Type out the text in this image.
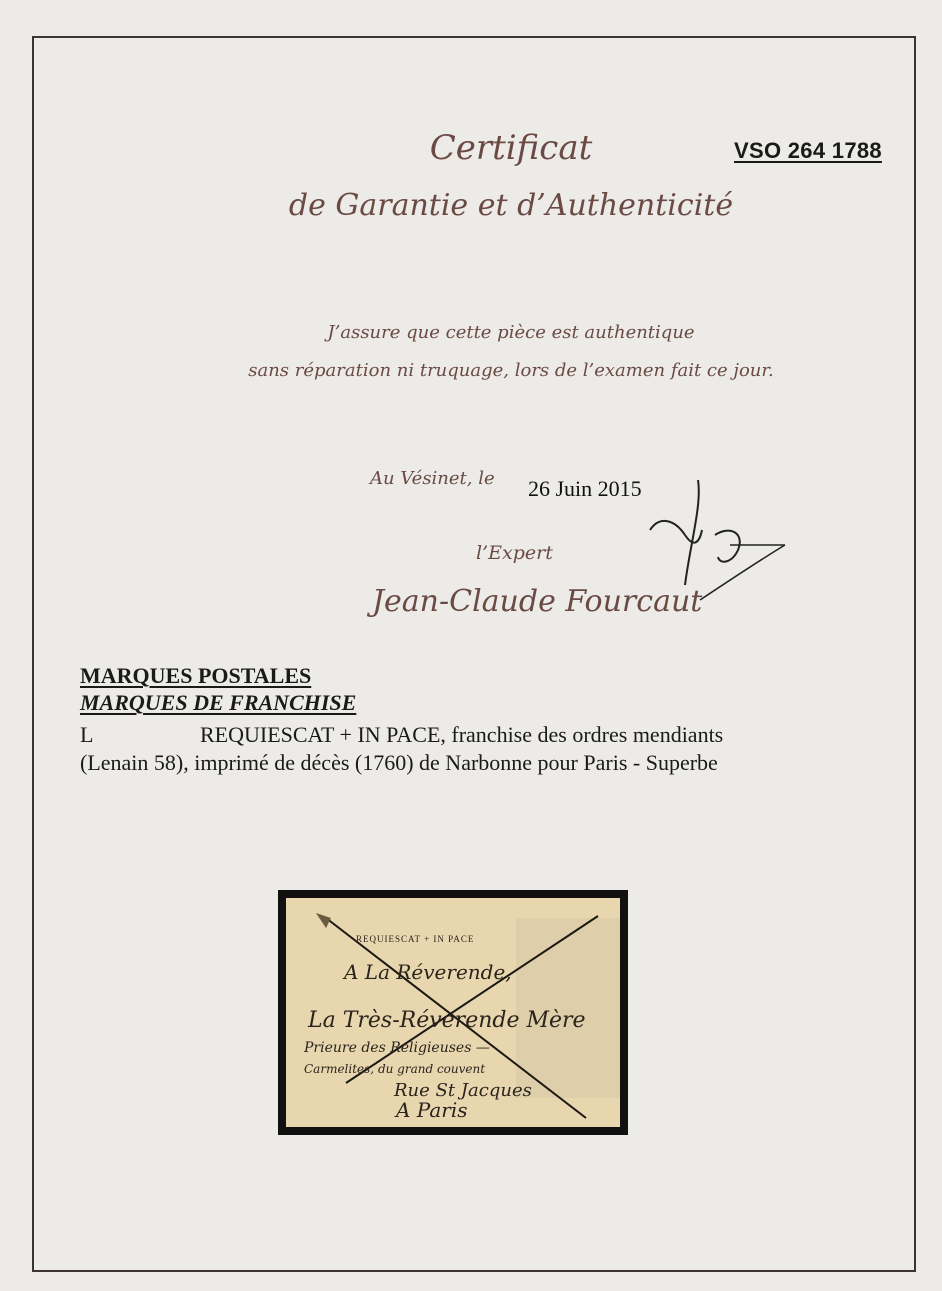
Certificat
de Garantie et d’Authenticité
VSO 264 1788
J’assure que cette pièce est authentique
sans réparation ni truquage, lors de l’examen fait ce jour.
Au Vésinet, le 26 Juin 2015
l’Expert
Jean-Claude Fourcaut
MARQUES POSTALES
MARQUES DE FRANCHISE
L	REQUIESCAT + IN PACE, franchise des ordres mendiants
(Lenain 58), imprimé de décès (1760) de Narbonne pour Paris - Superbe
REQUIESCAT + IN PACE
A La Réverende,
La Très-Réverende Mère
Prieure des Religieuses —
Carmelites, du grand couvent
Rue St Jacques
A Paris
